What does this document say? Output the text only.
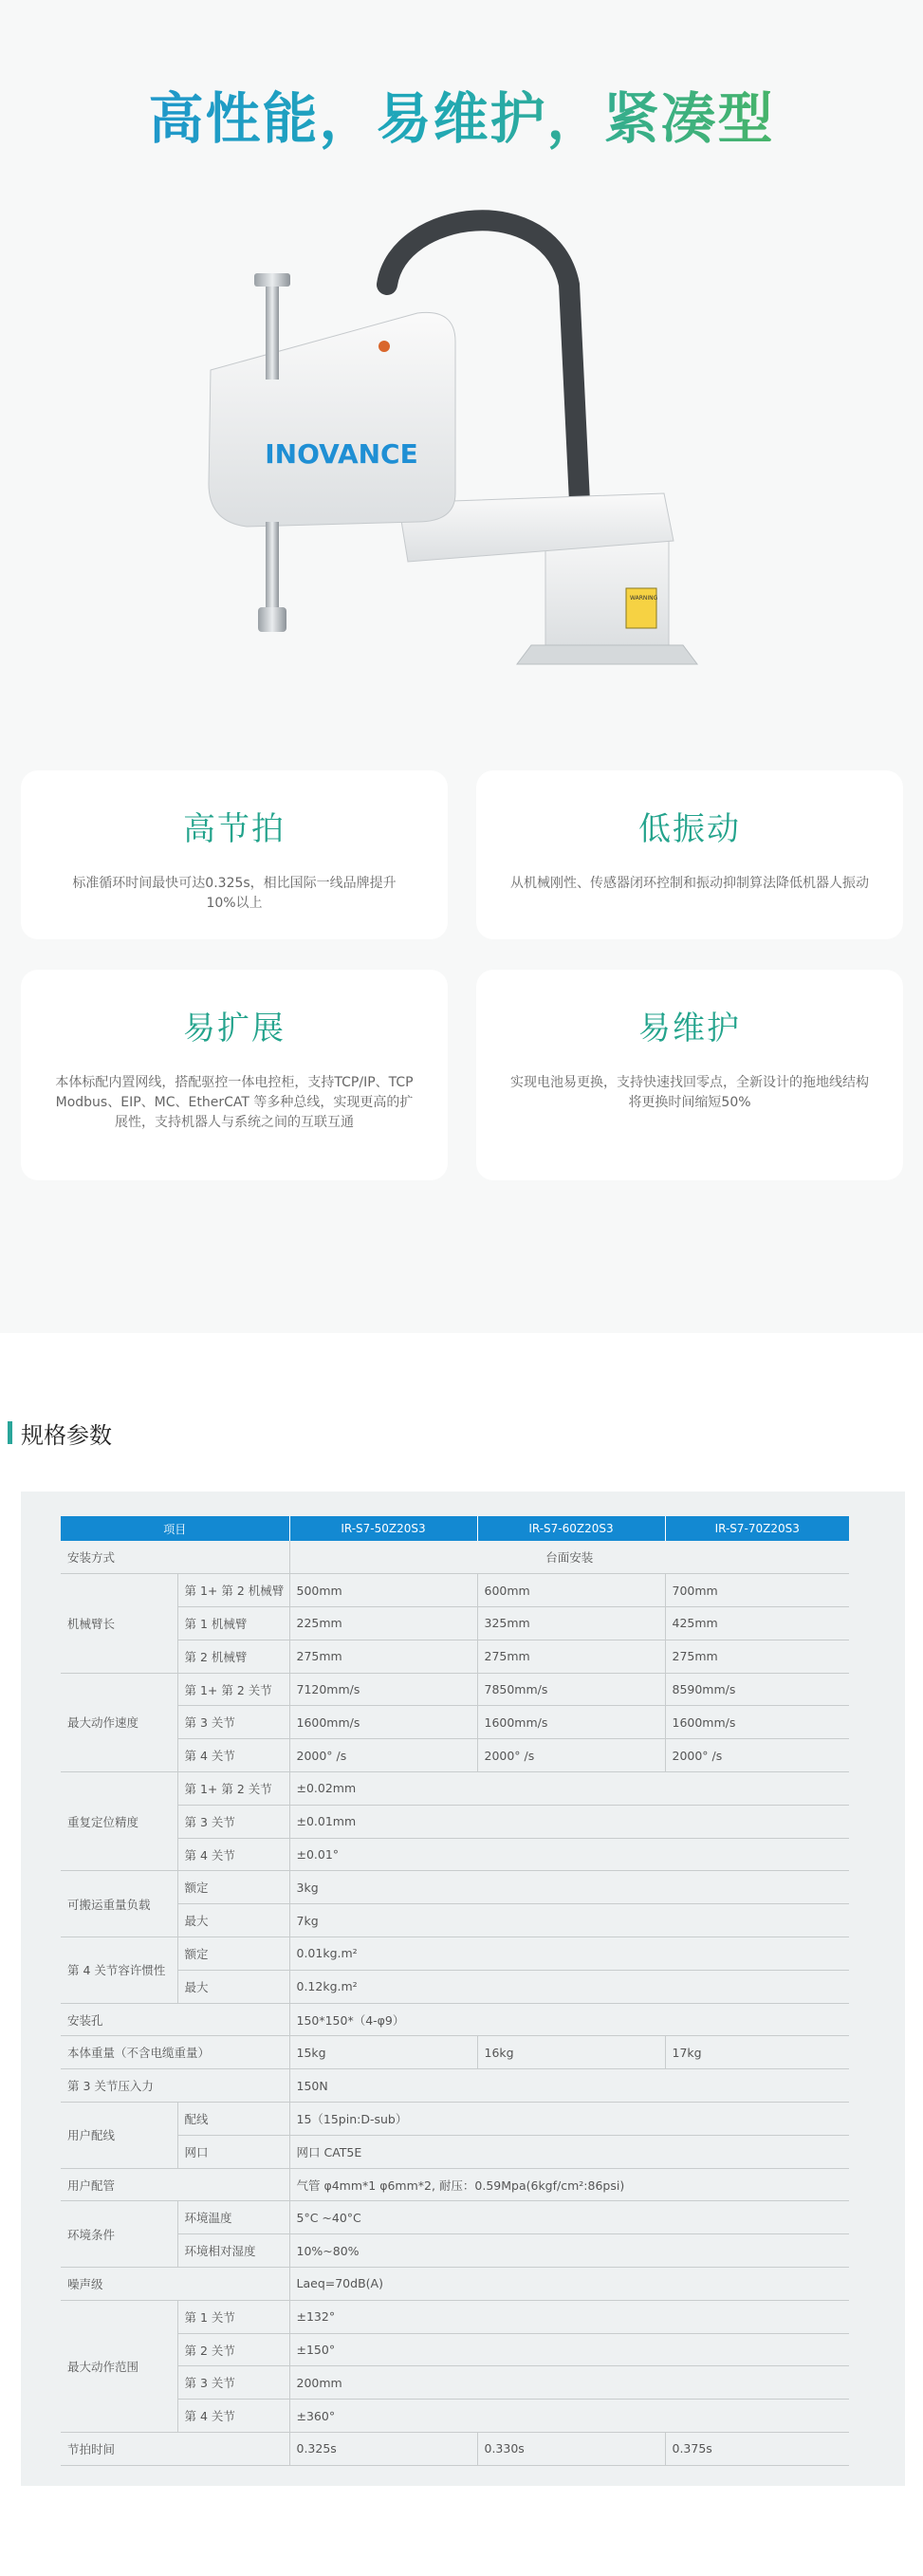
高性能，易维护，紧凑型
WARNING
INOVANCE
高节拍

标准循环时间最快可达0.325s，相比国际一线品牌提升10%以上

低振动

从机械刚性、传感器闭环控制和振动抑制算法降低机器人振动

易扩展

本体标配内置网线，搭配驱控一体电控柜，支持TCP/IP、TCP Modbus、EIP、MC、EtherCAT 等多种总线，实现更高的扩展性，支持机器人与系统之间的互联互通

易维护

实现电池易更换，支持快速找回零点，全新设计的拖地线结构将更换时间缩短50%

规格参数
项目		IR-S7-50Z20S3	IR-S7-60Z20S3	IR-S7-70Z20S3
安装方式		台面安装		
机械臂长	第 1+ 第 2 机械臂	500mm	600mm	700mm
	第 1 机械臂	225mm	325mm	425mm
	第 2 机械臂	275mm	275mm	275mm
最大动作速度	第 1+ 第 2 关节	7120mm/s	7850mm/s	8590mm/s
	第 3 关节	1600mm/s	1600mm/s	1600mm/s
	第 4 关节	2000° /s	2000° /s	2000° /s
重复定位精度	第 1+ 第 2 关节	±0.02mm		
	第 3 关节	±0.01mm		
	第 4 关节	±0.01°		
可搬运重量负载	额定	3kg		
	最大	7kg		
第 4 关节容许惯性	额定	0.01kg.m²		
	最大	0.12kg.m²		
安装孔		150*150*（4-φ9）		
本体重量（不含电缆重量）		15kg	16kg	17kg
第 3 关节压入力		150N		
用户配线	配线	15（15pin:D-sub）		
	网口	网口 CAT5E		
用户配管		气管 φ4mm*1 φ6mm*2, 耐压：0.59Mpa(6kgf/cm²:86psi)		
环境条件	环境温度	5°C ~40°C		
	环境相对湿度	10%~80%		
噪声级		Laeq=70dB(A)		
最大动作范围	第 1 关节	±132°		
	第 2 关节	±150°		
	第 3 关节	200mm		
	第 4 关节	±360°		
节拍时间		0.325s	0.330s	0.375s
